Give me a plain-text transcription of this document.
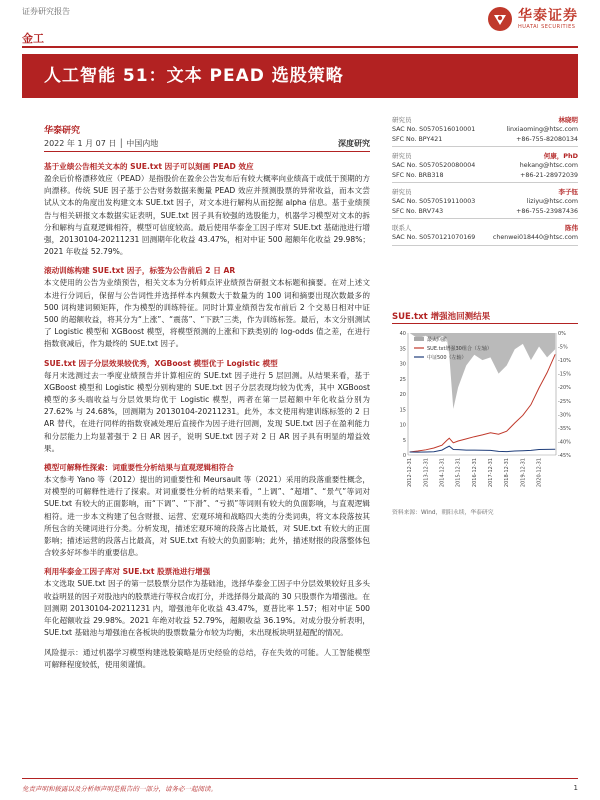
证券研究报告	华泰证券
HUATAI SECURITIES
金工
人工智能 51：文本 PEAD 选股策略
华泰研究
2022 年 1 月 07 日 │ 中国内地	深度研究
基于业绩公告相关文本的 SUE.txt 因子可以刻画 PEAD 效应
盈余后价格漂移效应（PEAD）是指股价在盈余公告发布后有较大概率向业绩高于或低于预期的方向漂移。传统 SUE 因子基于公告财务数据来衡量 PEAD 效应并预测股票的异常收益，而本文尝试从文本的角度出发构建文本 SUE.txt 因子，对文本进行解构从而挖掘 alpha 信息。基于业绩预告与相关研报文本数据实证表明，SUE.txt 因子具有较强的选股能力，机器学习模型对文本的拆分和解构与直观逻辑相符，模型可信度较高。最后使用华泰金工因子库对 SUE.txt 基础池进行增强，20130104-20211231 回测期年化收益 43.47%，相对中证 500 超额年化收益 29.98%；2021 年收益 52.79%。
滚动训练构建 SUE.txt 因子，标签为公告前后 2 日 AR
本文使用的公告为业绩预告，相关文本为分析师点评业绩预告研报文本标题和摘要。在对上述文本进行分词后，保留与公告词性并选择样本内频数大于数量为的 100 词和摘要出现次数最多的 500 词构建词频矩阵，作为模型的训练特征。同时计算业绩预告发布前后 2 个交易日相对中证 500 的超额收益，将其分为“上涨”、“震荡”、“下跌”三类，作为训练标签。最后，本文分别测试了 Logistic 模型和 XGBoost 模型，将模型预测的上涨和下跌类别的 log-odds 值之差，在进行指数衰减后，作为最终的 SUE.txt 因子。
SUE.txt 因子分层效果较优秀，XGBoost 模型优于 Logistic 模型
每月末选测过去一季度业绩预告并计算相应的 SUE.txt 因子进行 5 层回测。从结果来看，基于 XGBoost 模型和 Logistic 模型分别构建的 SUE.txt 因子分层表现均较为优秀，其中 XGBoost 模型的多头端收益与分层效果均优于 Logistic 模型，两者在第一层超额中年化收益分别为 27.62% 与 24.68%，回测期为 20130104-20211231。此外，本文使用构建训练标签的 2 日 AR 替代，在进行同样的指数衰减处理后直接作为因子进行回测，发现 SUE.txt 因子在盈利能力和分层能力上均显著强于 2 日 AR 因子，说明 SUE.txt 因子对 2 日 AR 因子具有明显的增益效果。
模型可解释性探索：词重要性分析结果与直观逻辑相符合
本文参考 Yano 等（2012）提出的词重要性和 Meursault 等（2021）采用的段落重要性概念，对模型的可解释性进行了探索。对词重要性分析的结果来看，“上调”、“超增”、“景气”等词对 SUE.txt 有较大的正面影响，而“下调”、“下滑”、“亏损”等词则有较大的负面影响，与直观逻辑相符。进一步本文构建了包含财报、运营、宏观环境和战略四大类的分类词典，将文本段落按其所包含的关键词进行分类。分析发现，描述宏观环境的段落占比最低，对 SUE.txt 有较大的正面影响；描述运营的段落占比最高，对 SUE.txt 有较大的负面影响；此外，描述财报的段落整体包含较多好坏参半的重要信息。
利用华泰金工因子库对 SUE.txt 股票池进行增强
本文选取 SUE.txt 因子的第一层股票分层作为基础池，选择华泰金工因子中分层效果较好且多头收益明显的因子对股池内的股票进行等权合成打分，并选择得分最高的 30 只股票作为增强池。在回测期 20130104-20211231 内，增强池年化收益 43.47%，夏普比率 1.57；相对中证 500 年化超额收益 29.98%。2021 年绝对收益 52.79%，超额收益 36.19%。对成分股分析表明，SUE.txt 基础池与增强池在各板块的股票数量分布较为均衡，未出现板块明显超配的情况。
风险提示：通过机器学习模型构建选股策略是历史经验的总结，存在失效的可能。人工智能模型可解释程度较低，使用须谨慎。
研究员	林晓明
SAC No. S0570516010001	linxiaoming@htsc.com
SFC No. BPY421	+86-755-82080134
研究员	何康，PhD
SAC No. S0570520080004	hekang@htsc.com
SFC No. BRB318	+86-21-28972039
研究员	李子钰
SAC No. S0570519110003	liziyu@htsc.com
SFC No. BRV743	+86-755-23987436
联系人	陈伟
SAC No. S0570121070169	chenwei018440@htsc.com
SUE.txt 增强池回测结果
0
5
10
15
20
25
30
35
40
-45%
-40%
-35%
-30%
-25%
-20%
-15%
-10%
-5%
0%
2012-12-31 2013-12-31 2014-12-31 2015-12-31 2016-12-31 2017-12-31 2018-12-31 2019-12-31 2020-12-31
最大回撤
SUE.txt增强30组合（左轴）
中证500（左轴）
资料来源：Wind，朝阳永续，华泰研究
免责声明和披露以及分析师声明是报告的一部分，请务必一起阅读。	1
